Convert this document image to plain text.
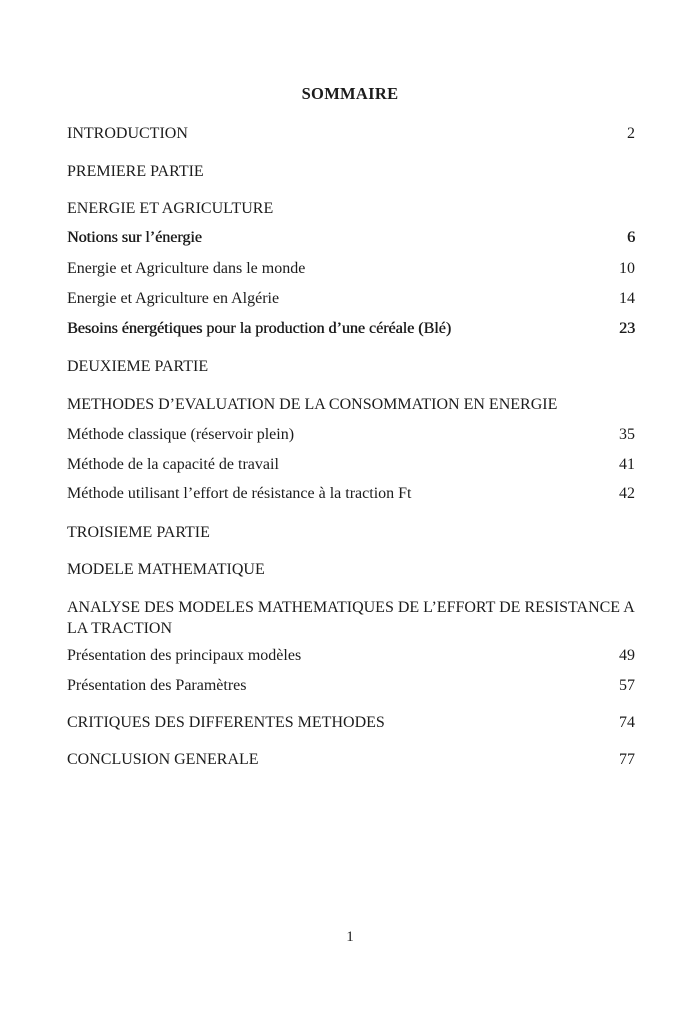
SOMMAIRE
INTRODUCTION	2
PREMIERE PARTIE
ENERGIE ET AGRICULTURE
Notions sur l’énergie	6
Energie et Agriculture dans le monde	10
Energie et Agriculture en Algérie	14
Besoins énergétiques pour la production d’une céréale (Blé)	23
DEUXIEME PARTIE
METHODES D’EVALUATION DE LA CONSOMMATION EN ENERGIE
Méthode classique (réservoir plein)	35
Méthode de la capacité de travail	41
Méthode utilisant l’effort de résistance à la traction Ft	42
TROISIEME PARTIE
MODELE MATHEMATIQUE
ANALYSE DES MODELES MATHEMATIQUES DE L’EFFORT DE RESISTANCE A LA TRACTION
Présentation des principaux modèles	49
Présentation des Paramètres	57
CRITIQUES DES DIFFERENTES METHODES	74
CONCLUSION GENERALE	77
1
